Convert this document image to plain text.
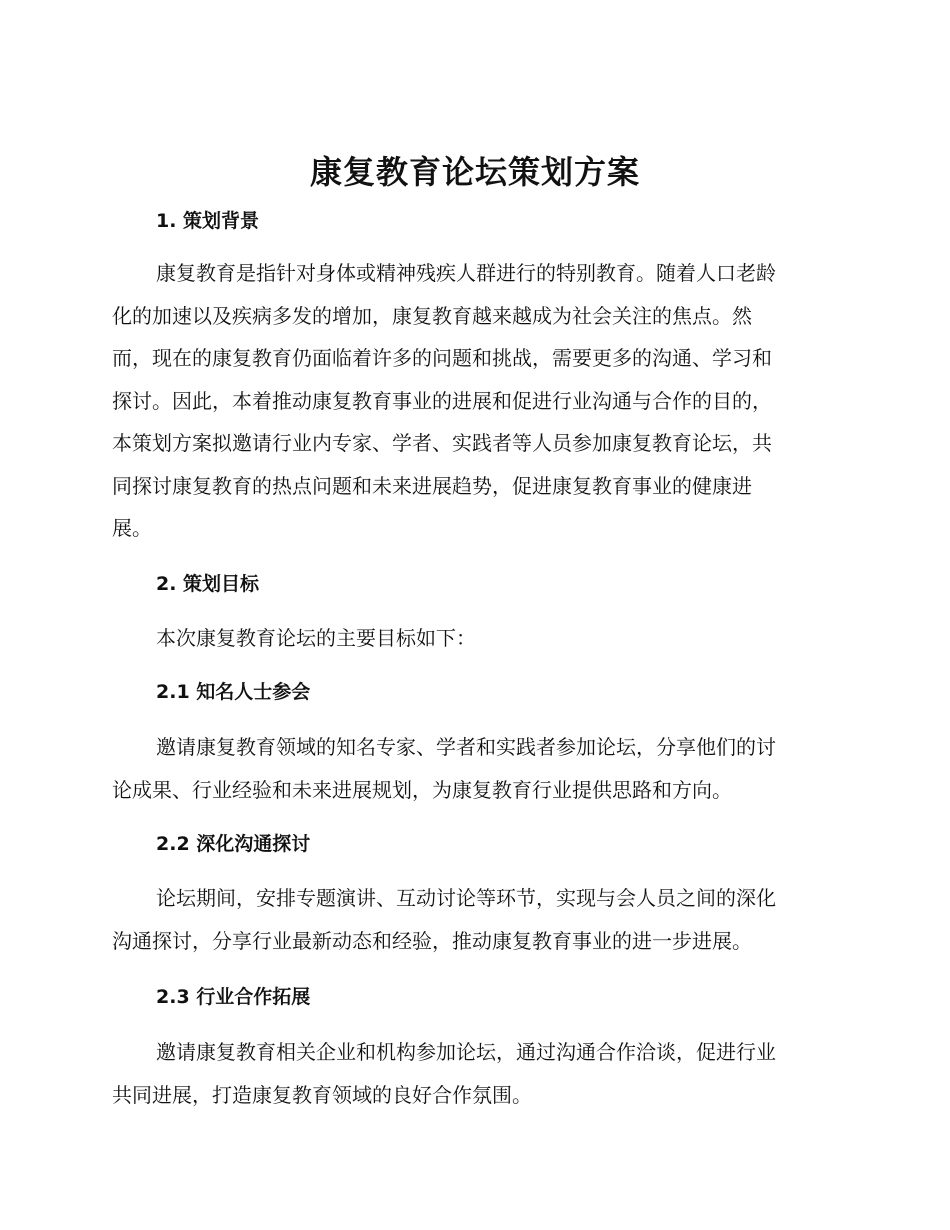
康复教育论坛策划方案
1. 策划背景
康复教育是指针对身体或精神残疾人群进行的特别教育。随着人口老龄
化的加速以及疾病多发的增加，康复教育越来越成为社会关注的焦点。然
而，现在的康复教育仍面临着许多的问题和挑战，需要更多的沟通、学习和
探讨。因此，本着推动康复教育事业的进展和促进行业沟通与合作的目的，
本策划方案拟邀请行业内专家、学者、实践者等人员参加康复教育论坛，共
同探讨康复教育的热点问题和未来进展趋势，促进康复教育事业的健康进
展。
2. 策划目标
本次康复教育论坛的主要目标如下：
2.1 知名人士参会
邀请康复教育领域的知名专家、学者和实践者参加论坛，分享他们的讨
论成果、行业经验和未来进展规划，为康复教育行业提供思路和方向。
2.2 深化沟通探讨
论坛期间，安排专题演讲、互动讨论等环节，实现与会人员之间的深化
沟通探讨，分享行业最新动态和经验，推动康复教育事业的进一步进展。
2.3 行业合作拓展
邀请康复教育相关企业和机构参加论坛，通过沟通合作洽谈，促进行业
共同进展，打造康复教育领域的良好合作氛围。
